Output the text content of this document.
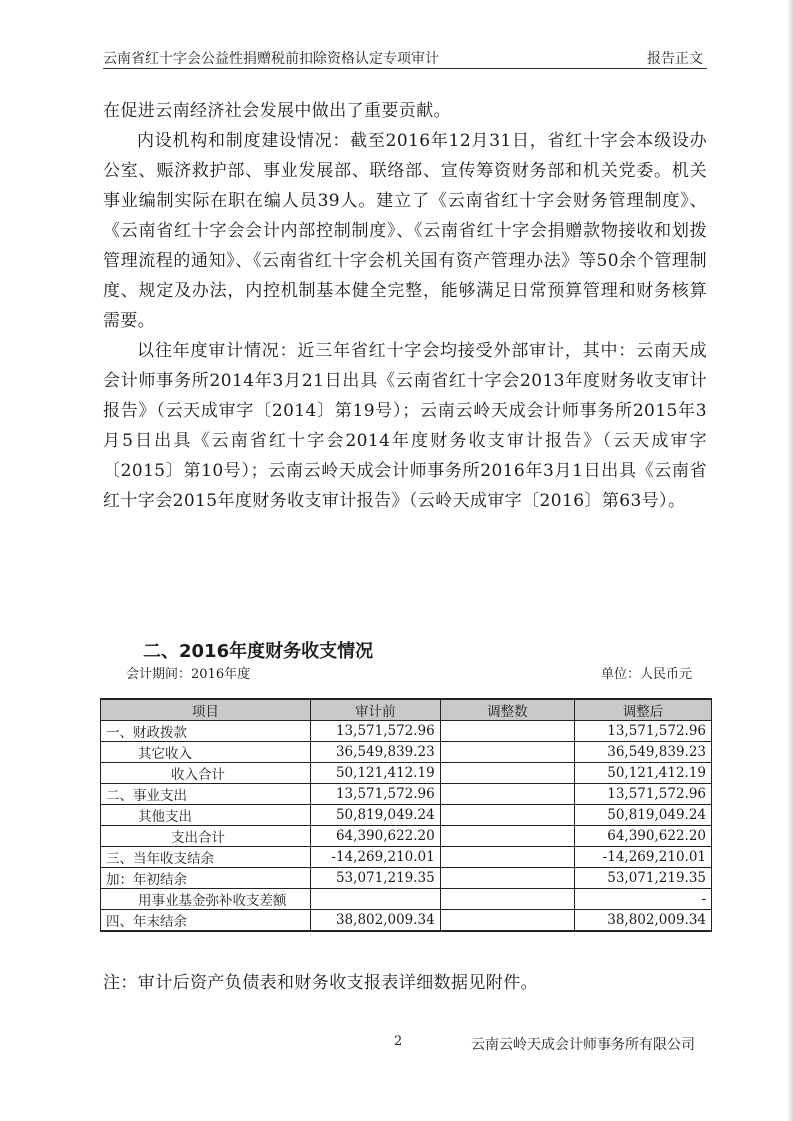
云南省红十字会公益性捐赠税前扣除资格认定专项审计	报告正文

在促进云南经济社会发展中做出了重要贡献。

内设机构和制度建设情况：截至2016年12月31日，省红十字会本级设办公室、赈济救护部、事业发展部、联络部、宣传筹资财务部和机关党委。机关事业编制实际在职在编人员39人。建立了《云南省红十字会财务管理制度》、《云南省红十字会会计内部控制制度》、《云南省红十字会捐赠款物接收和划拨管理流程的通知》、《云南省红十字会机关国有资产管理办法》等50余个管理制度、规定及办法，内控机制基本健全完整，能够满足日常预算管理和财务核算需要。

以往年度审计情况：近三年省红十字会均接受外部审计，其中：云南天成会计师事务所2014年3月21日出具《云南省红十字会2013年度财务收支审计报告》（云天成审字〔2014〕第19号）；云南云岭天成会计师事务所2015年3月5日出具《云南省红十字会2014年度财务收支审计报告》（云天成审字〔2015〕第10号）；云南云岭天成会计师事务所2016年3月1日出具《云南省红十字会2015年度财务收支审计报告》（云岭天成审字〔2016〕第63号）。

二、2016年度财务收支情况
会计期间：2016年度	单位：人民币元
项目	审计前	调整数	调整后
一、财政拨款	13,571,572.96		13,571,572.96
其它收入	36,549,839.23		36,549,839.23
收入合计	50,121,412.19		50,121,412.19
二、事业支出	13,571,572.96		13,571,572.96
其他支出	50,819,049.24		50,819,049.24
支出合计	64,390,622.20		64,390,622.20
三、当年收支结余	-14,269,210.01		-14,269,210.01
加：年初结余	53,071,219.35		53,071,219.35
用事业基金弥补收支差额			-
四、年末结余	38,802,009.34		38,802,009.34
注：审计后资产负债表和财务收支报表详细数据见附件。
2	云南云岭天成会计师事务所有限公司
